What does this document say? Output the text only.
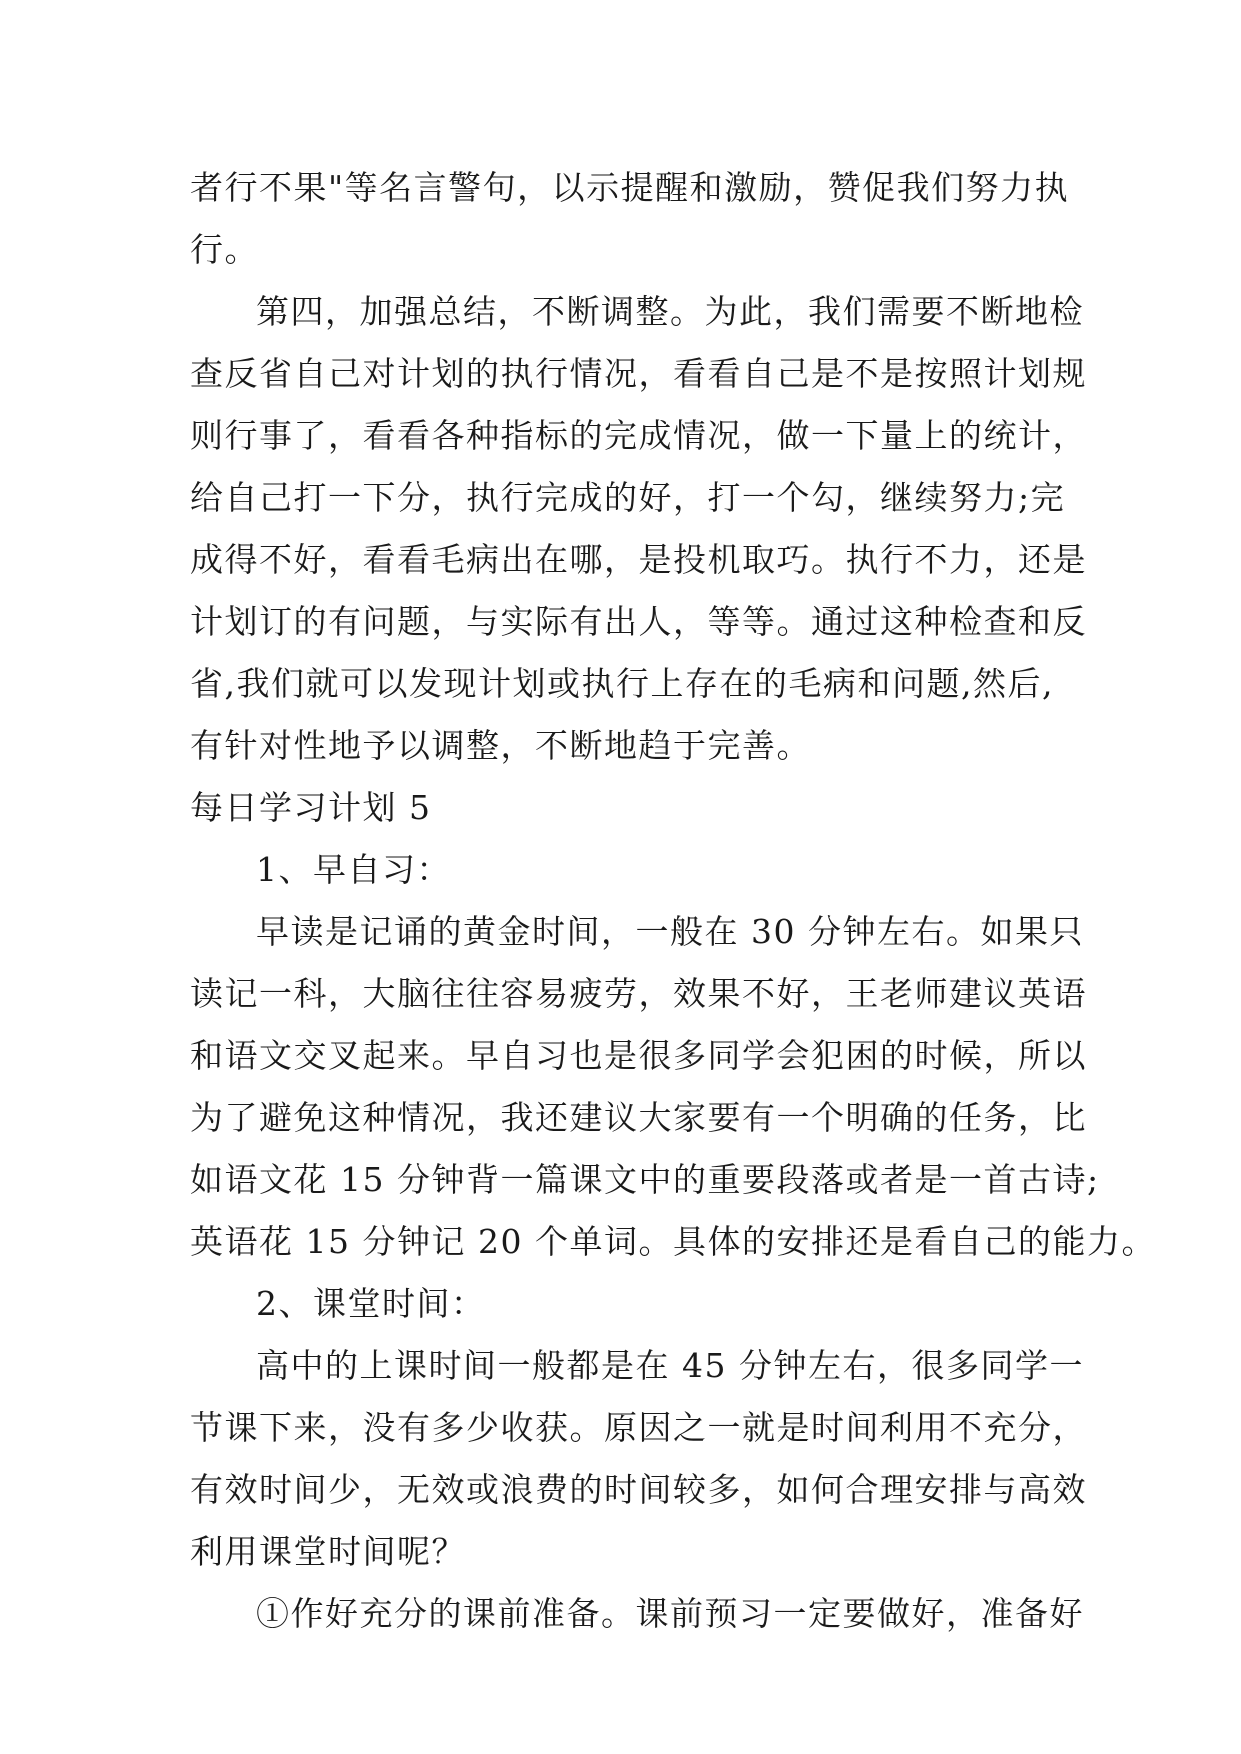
者行不果"等名言警句，以示提醒和激励，赞促我们努力执
行。
第四，加强总结，不断调整。为此，我们需要不断地检
查反省自己对计划的执行情况，看看自己是不是按照计划规
则行事了，看看各种指标的完成情况，做一下量上的统计，
给自己打一下分，执行完成的好，打一个勾，继续努力;完
成得不好，看看毛病出在哪，是投机取巧。执行不力，还是
计划订的有问题，与实际有出人，等等。通过这种检查和反
省,我们就可以发现计划或执行上存在的毛病和问题,然后,
有针对性地予以调整，不断地趋于完善。
每日学习计划 5
1、早自习：
早读是记诵的黄金时间，一般在 30 分钟左右。如果只
读记一科，大脑往往容易疲劳，效果不好，王老师建议英语
和语文交叉起来。早自习也是很多同学会犯困的时候，所以
为了避免这种情况，我还建议大家要有一个明确的任务，比
如语文花 15 分钟背一篇课文中的重要段落或者是一首古诗;
英语花 15 分钟记 20 个单词。具体的安排还是看自己的能力。
2、课堂时间：
高中的上课时间一般都是在 45 分钟左右，很多同学一
节课下来，没有多少收获。原因之一就是时间利用不充分，
有效时间少，无效或浪费的时间较多，如何合理安排与高效
利用课堂时间呢？
①作好充分的课前准备。课前预习一定要做好，准备好
